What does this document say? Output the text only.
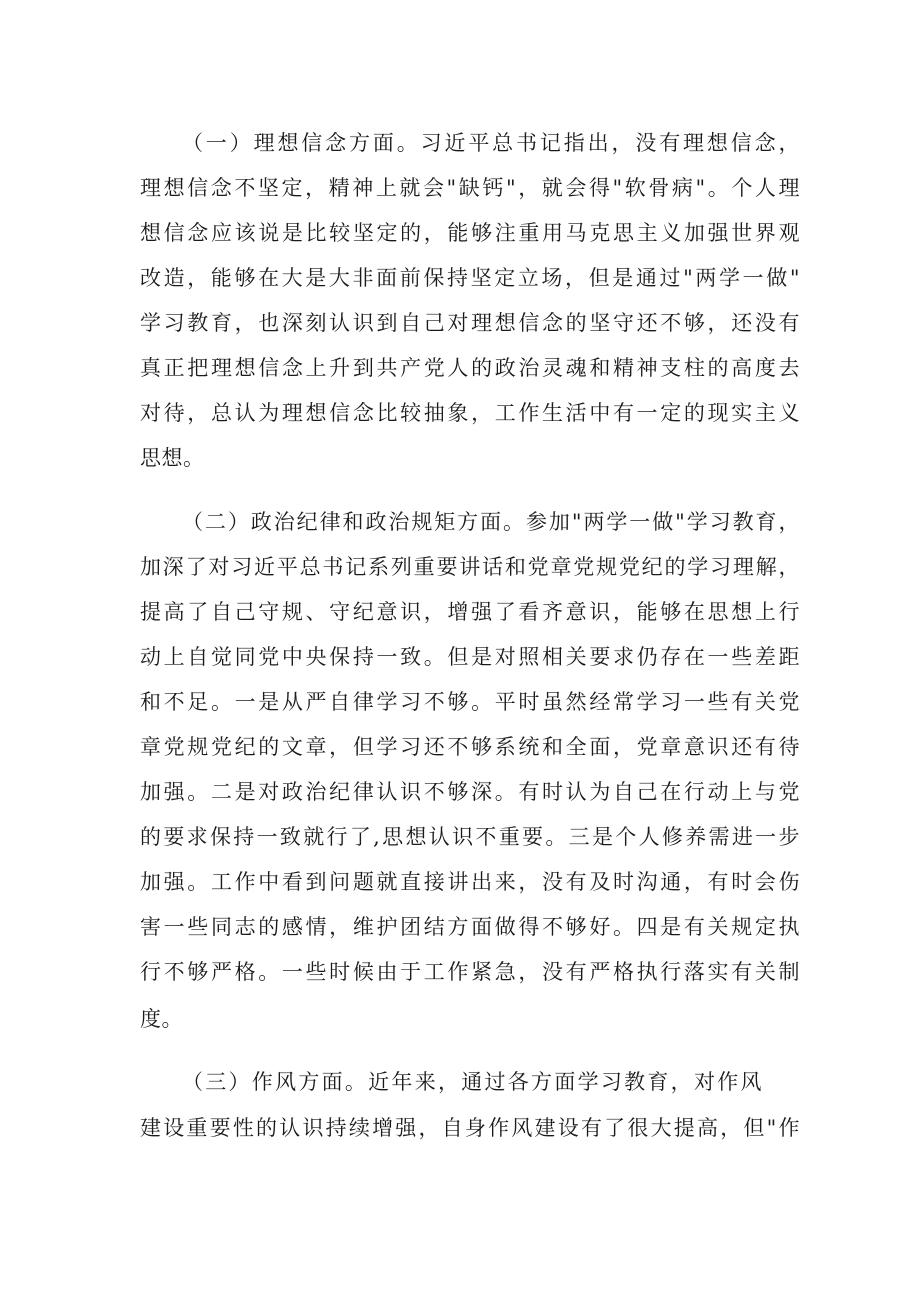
（一）理想信念方面。习近平总书记指出，没有理想信念，
理想信念不坚定，精神上就会"缺钙"，就会得"软骨病"。个人理
想信念应该说是比较坚定的，能够注重用马克思主义加强世界观
改造，能够在大是大非面前保持坚定立场，但是通过"两学一做"
学习教育，也深刻认识到自己对理想信念的坚守还不够，还没有
真正把理想信念上升到共产党人的政治灵魂和精神支柱的高度去
对待，总认为理想信念比较抽象，工作生活中有一定的现实主义
思想。
（二）政治纪律和政治规矩方面。参加"两学一做"学习教育，
加深了对习近平总书记系列重要讲话和党章党规党纪的学习理解，
提高了自己守规、守纪意识，增强了看齐意识，能够在思想上行
动上自觉同党中央保持一致。但是对照相关要求仍存在一些差距
和不足。一是从严自律学习不够。平时虽然经常学习一些有关党
章党规党纪的文章，但学习还不够系统和全面，党章意识还有待
加强。二是对政治纪律认识不够深。有时认为自己在行动上与党
的要求保持一致就行了,思想认识不重要。三是个人修养需进一步
加强。工作中看到问题就直接讲出来，没有及时沟通，有时会伤
害一些同志的感情，维护团结方面做得不够好。四是有关规定执
行不够严格。一些时候由于工作紧急，没有严格执行落实有关制
度。
（三）作风方面。近年来，通过各方面学习教育，对作风
建设重要性的认识持续增强，自身作风建设有了很大提高，但"作
